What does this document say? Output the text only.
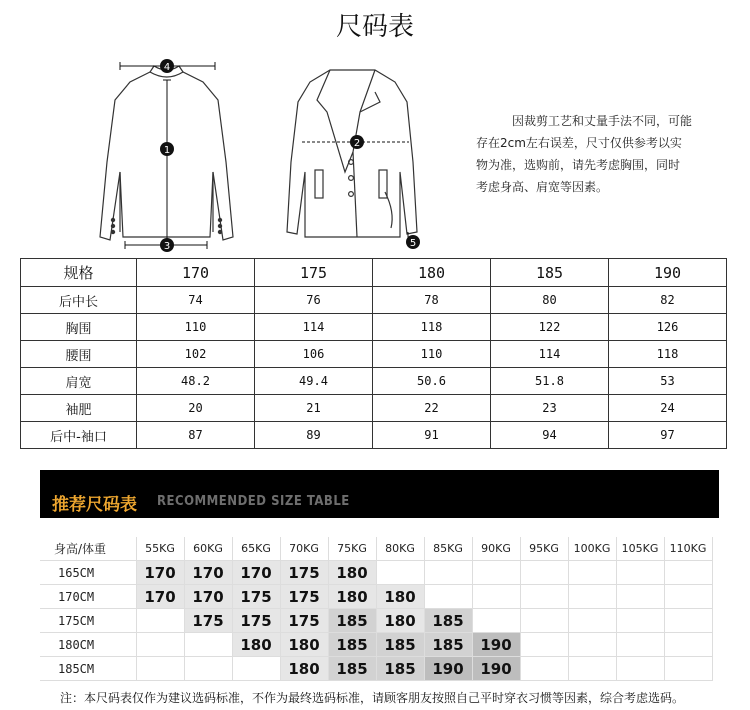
尺码表
4
1
3
2
5
因裁剪工艺和丈量手法不同，可能
存在2cm左右误差，尺寸仅供参考以实
物为准，选购前，请先考虑胸围，同时
考虑身高、肩宽等因素。
规格	170	175	180	185	190
后中长	74	76	78	80	82
胸围	110	114	118	122	126
腰围	102	106	110	114	118
肩宽	48.2	49.4	50.6	51.8	53
袖肥	20	21	22	23	24
后中-袖口	87	89	91	94	97
推荐尺码表 RECOMMENDED SIZE TABLE
身高/体重	55KG	60KG	65KG	70KG	75KG	80KG	85KG	90KG	95KG	100KG	105KG	110KG
165CM	170	170	170	175	180							
170CM	170	170	175	175	180	180						
175CM		175	175	175	185	180	185					
180CM			180	180	185	185	185	190				
185CM				180	185	185	190	190				
注：本尺码表仅作为建议选码标准，不作为最终选码标准，请顾客朋友按照自己平时穿衣习惯等因素，综合考虑选码。
